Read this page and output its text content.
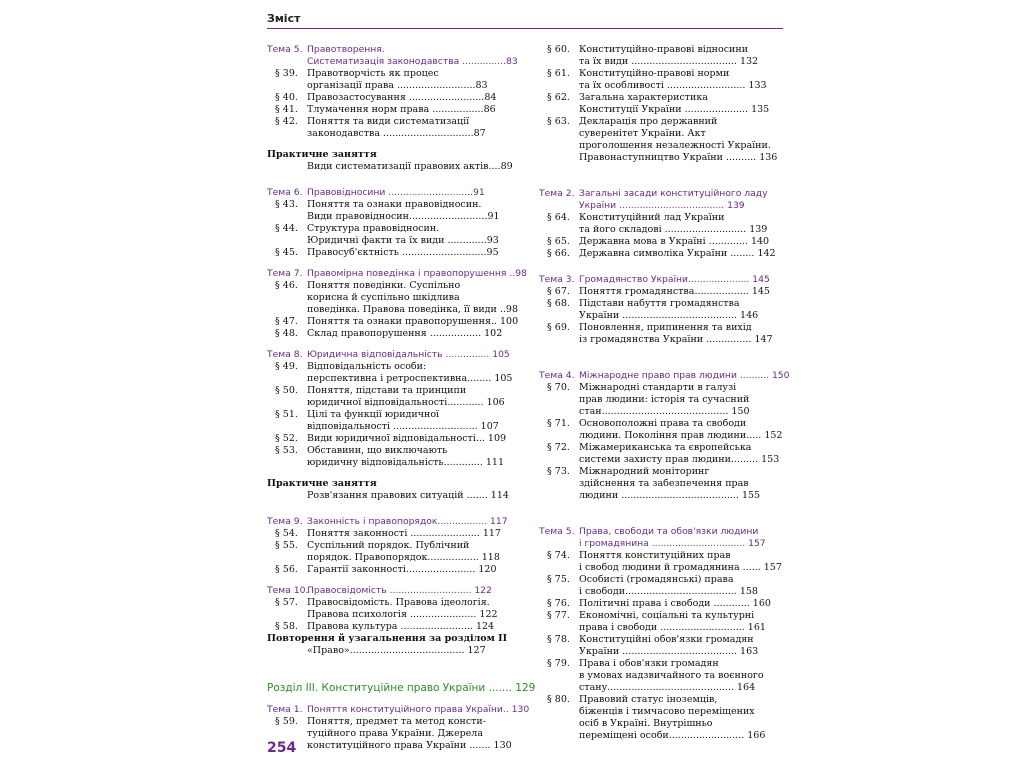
Зміст
Тема 5. Правотворення.
Систематизація законодавства ...............83
§ 39. Правотворчість як процес
організації права ..........................83
§ 40. Правозастосування .........................84
§ 41. Тлумачення норм права .................86
§ 42. Поняття та види систематизації
законодавства ..............................87
Практичне заняття
Види систематизації правових актів....89
Тема 6. Правовідносини .............................91
§ 43. Поняття та ознаки правовідносин.
Види правовідносин..........................91
§ 44. Структура правовідносин.
Юридичні факти та їх види .............93
§ 45. Правосуб'єктність ............................95
Тема 7. Правомірна поведінка і правопорушення ..98
§ 46. Поняття поведінки. Суспільно
корисна й суспільно шкідлива
поведінка. Правова поведінка, її види ..98
§ 47. Поняття та ознаки правопорушення.. 100
§ 48. Склад правопорушення ................. 102
Тема 8. Юридична відповідальність ............... 105
§ 49. Відповідальність особи:
перспективна і ретроспективна........ 105
§ 50. Поняття, підстави та принципи
юридичної відповідальності............ 106
§ 51. Цілі та функції юридичної
відповідальності ............................ 107
§ 52. Види юридичної відповідальності... 109
§ 53. Обставини, що виключають
юридичну відповідальність............. 111
Практичне заняття
Розв'язання правових ситуацій ....... 114
Тема 9. Законність і правопорядок................. 117
§ 54. Поняття законності ....................... 117
§ 55. Суспільний порядок. Публічний
порядок. Правопорядок................. 118
§ 56. Гарантії законності....................... 120
Тема 10.Правосвідомість ............................ 122
§ 57. Правосвідомість. Правова ідеологія.
Правова психологія ...................... 122
§ 58. Правова культура ........................ 124
Повторення й узагальнення за розділом II
«Право»...................................... 127
Розділ III. Конституційне право України ....... 129
Тема 1. Поняття конституційного права України.. 130
§ 59. Поняття, предмет та метод консти-
туційного права України. Джерела
конституційного права України ....... 130
§ 60. Конституційно-правові відносини
та їх види ................................... 132
§ 61. Конституційно-правові норми
та їх особливості .......................... 133
§ 62. Загальна характеристика
Конституції України ..................... 135
§ 63. Декларація про державний
суверенітет України. Акт
проголошення незалежності України.
Правонаступництво України .......... 136
Тема 2. Загальні засади конституційного ладу
України .................................... 139
§ 64. Конституційний лад України
та його складові ........................... 139
§ 65. Державна мова в Україні ............. 140
§ 66. Державна символіка України ........ 142
Тема 3. Громадянство України..................... 145
§ 67. Поняття громадянства.................. 145
§ 68. Підстави набуття громадянства
України ...................................... 146
§ 69. Поновлення, припинення та вихід
із громадянства України ............... 147
Тема 4. Міжнародне право прав людини .......... 150
§ 70. Міжнародні стандарти в галузі
прав людини: історія та сучасний
стан.......................................... 150
§ 71. Основоположні права та свободи
людини. Покоління прав людини..... 152
§ 72. Міжамериканська та європейська
системи захисту прав людини......... 153
§ 73. Міжнародний моніторинг
здійснення та забезпечення прав
людини ....................................... 155
Тема 5. Права, свободи та обов'язки людини
і громадянина ................................ 157
§ 74. Поняття конституційних прав
і свобод людини й громадянина ...... 157
§ 75. Особисті (громадянські) права
і свободи..................................... 158
§ 76. Політичні права і свободи ............ 160
§ 77. Економічні, соціальні та культурні
права і свободи ............................ 161
§ 78. Конституційні обов'язки громадян
України ...................................... 163
§ 79. Права і обов'язки громадян
в умовах надзвичайного та воєнного
стану.......................................... 164
§ 80. Правовий статус іноземців,
біженців і тимчасово переміщених
осіб в Україні. Внутрішньо
переміщені особи......................... 166
254
